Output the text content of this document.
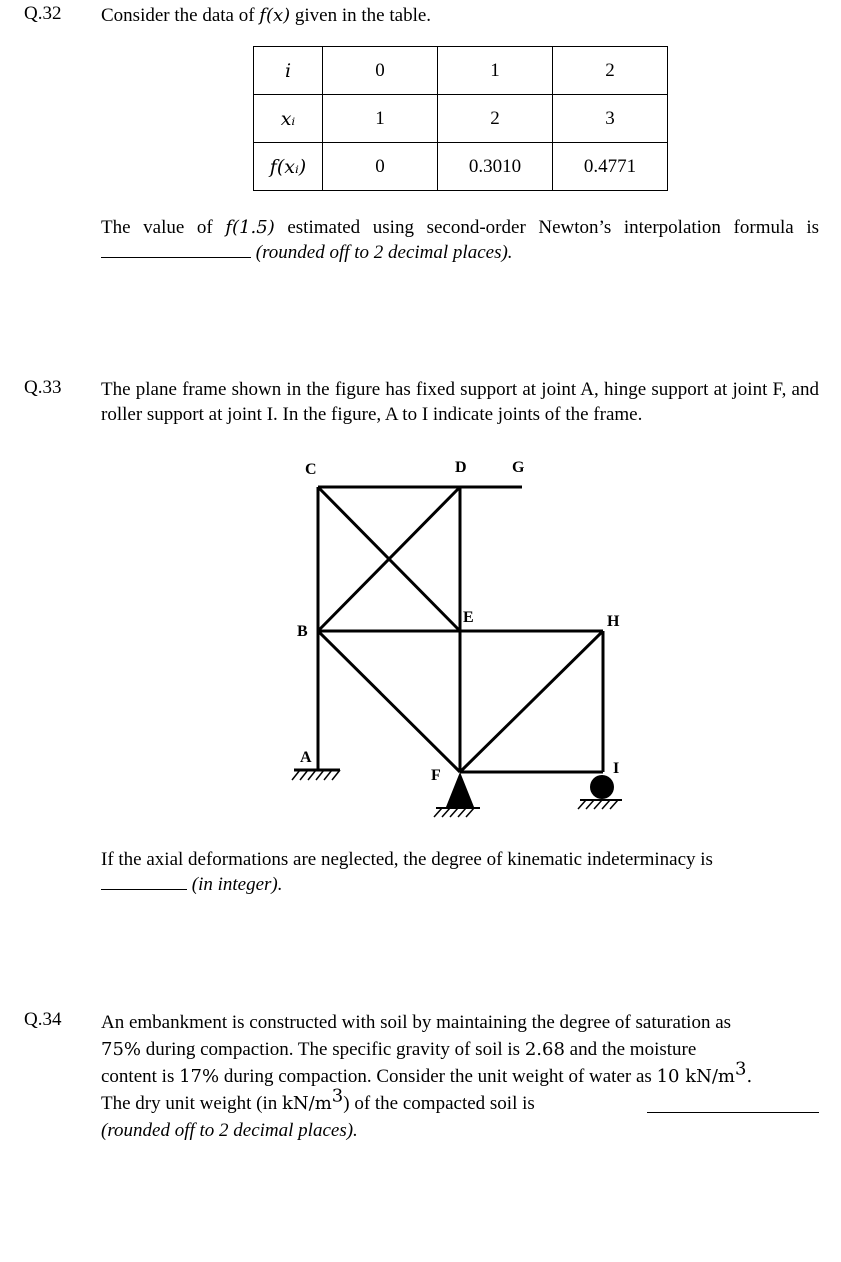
Q.32 Consider the data of f(x) given in the table.
i	0	1	2
xᵢ	1	2	3
f(xᵢ)	0	0.3010	0.4771
The value of f(1.5) estimated using second-order Newton’s interpolation formula is  (rounded off to 2 decimal places).
Q.33 The plane frame shown in the figure has fixed support at joint A, hinge support at joint F, and roller support at joint I. In the figure, A to I indicate joints of the frame.
C	D	G
B
E	H
A
F	I
If the axial deformations are neglected, the degree of kinematic indeterminacy is
(in integer).
Q.34 An embankment is constructed with soil by maintaining the degree of saturation as
75% during compaction. The specific gravity of soil is 2.68 and the moisture
content is 17% during compaction. Consider the unit weight of water as 10 $kN/m^3$.
The dry unit weight (in $kN/m^3$) of the compacted soil is

(rounded off to 2 decimal places).
